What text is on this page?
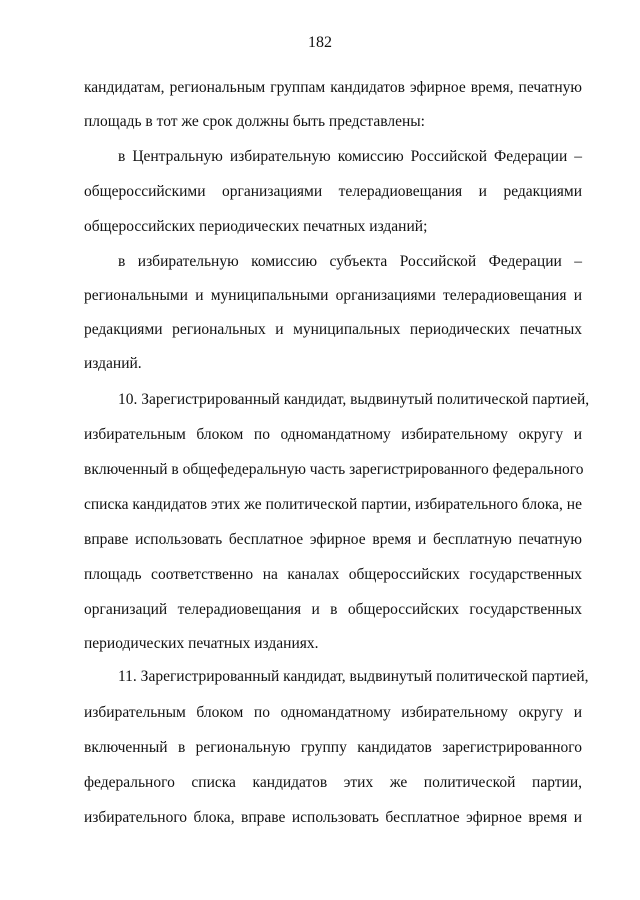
182
кандидатам, региональным группам кандидатов эфирное время, печатную
площадь в тот же срок должны быть представлены:
в Центральную избирательную комиссию Российской Федерации –
общероссийскими организациями телерадиовещания и редакциями
общероссийских периодических печатных изданий;
в избирательную комиссию субъекта Российской Федерации –
региональными и муниципальными организациями телерадиовещания и
редакциями региональных и муниципальных периодических печатных
изданий.
10. Зарегистрированный кандидат, выдвинутый политической партией,
избирательным блоком по одномандатному избирательному округу и
включенный в общефедеральную часть зарегистрированного федерального
списка кандидатов этих же политической партии, избирательного блока, не
вправе использовать бесплатное эфирное время и бесплатную печатную
площадь соответственно на каналах общероссийских государственных
организаций телерадиовещания и в общероссийских государственных
периодических печатных изданиях.
11. Зарегистрированный кандидат, выдвинутый политической партией,
избирательным блоком по одномандатному избирательному округу и
включенный в региональную группу кандидатов зарегистрированного
федерального списка кандидатов этих же политической партии,
избирательного блока, вправе использовать бесплатное эфирное время и
